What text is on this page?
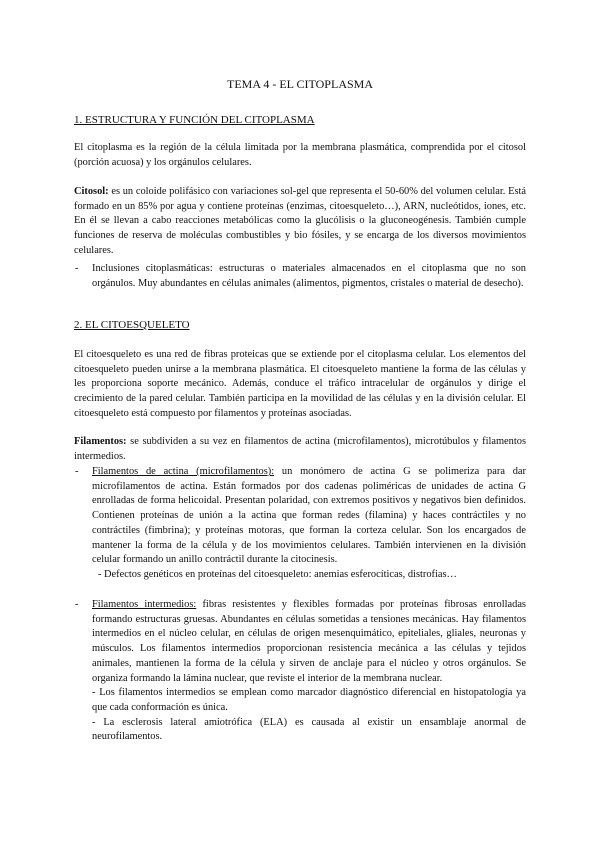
TEMA 4 - EL CITOPLASMA
1. ESTRUCTURA Y FUNCIÓN DEL CITOPLASMA

El citoplasma es la región de la célula limitada por la membrana plasmática, comprendida por el citosol (porción acuosa) y los orgánulos celulares.

Citosol: es un coloide polifásico con variaciones sol-gel que representa el 50-60% del volumen celular. Está formado en un 85% por agua y contiene proteínas (enzimas, citoesqueleto…), ARN, nucleótidos, iones, etc. En él se llevan a cabo reacciones metabólicas como la glucólisis o la gluconeogénesis. También cumple funciones de reserva de moléculas combustibles y bio fósiles, y se encarga de los diversos movimientos celulares.

- Inclusiones citoplasmáticas: estructuras o materiales almacenados en el citoplasma que no son orgánulos. Muy abundantes en células animales (alimentos, pigmentos, cristales o material de desecho).

2. EL CITOESQUELETO

El citoesqueleto es una red de fibras proteicas que se extiende por el citoplasma celular. Los elementos del citoesqueleto pueden unirse a la membrana plasmática. El citoesqueleto mantiene la forma de las células y les proporciona soporte mecánico. Además, conduce el tráfico intracelular de orgánulos y dirige el crecimiento de la pared celular. También participa en la movilidad de las células y en la división celular. El citoesqueleto está compuesto por filamentos y proteínas asociadas.

Filamentos: se subdividen a su vez en filamentos de actina (microfilamentos), microtúbulos y filamentos intermedios.

- Filamentos de actina (microfilamentos): un monómero de actina G se polimeriza para dar microfilamentos de actina. Están formados por dos cadenas poliméricas de unidades de actina G enrolladas de forma helicoidal. Presentan polaridad, con extremos positivos y negativos bien definidos. Contienen proteínas de unión a la actina que forman redes (filamina) y haces contráctiles y no contráctiles (fimbrina); y proteínas motoras, que forman la corteza celular. Son los encargados de mantener la forma de la célula y de los movimientos celulares. También intervienen en la división celular formando un anillo contráctil durante la citocinesis.

- Defectos genéticos en proteínas del citoesqueleto: anemias esferocíticas, distrofias…

- Filamentos intermedios: fibras resistentes y flexibles formadas por proteínas fibrosas enrolladas formando estructuras gruesas. Abundantes en células sometidas a tensiones mecánicas. Hay filamentos intermedios en el núcleo celular, en células de origen mesenquimático, epiteliales, gliales, neuronas y músculos. Los filamentos intermedios proporcionan resistencia mecánica a las células y tejidos animales, mantienen la forma de la célula y sirven de anclaje para el núcleo y otros orgánulos. Se organiza formando la lámina nuclear, que reviste el interior de la membrana nuclear.

- Los filamentos intermedios se emplean como marcador diagnóstico diferencial en histopatología ya que cada conformación es única.

- La esclerosis lateral amiotrófica (ELA) es causada al existir un ensamblaje anormal de neurofilamentos.
